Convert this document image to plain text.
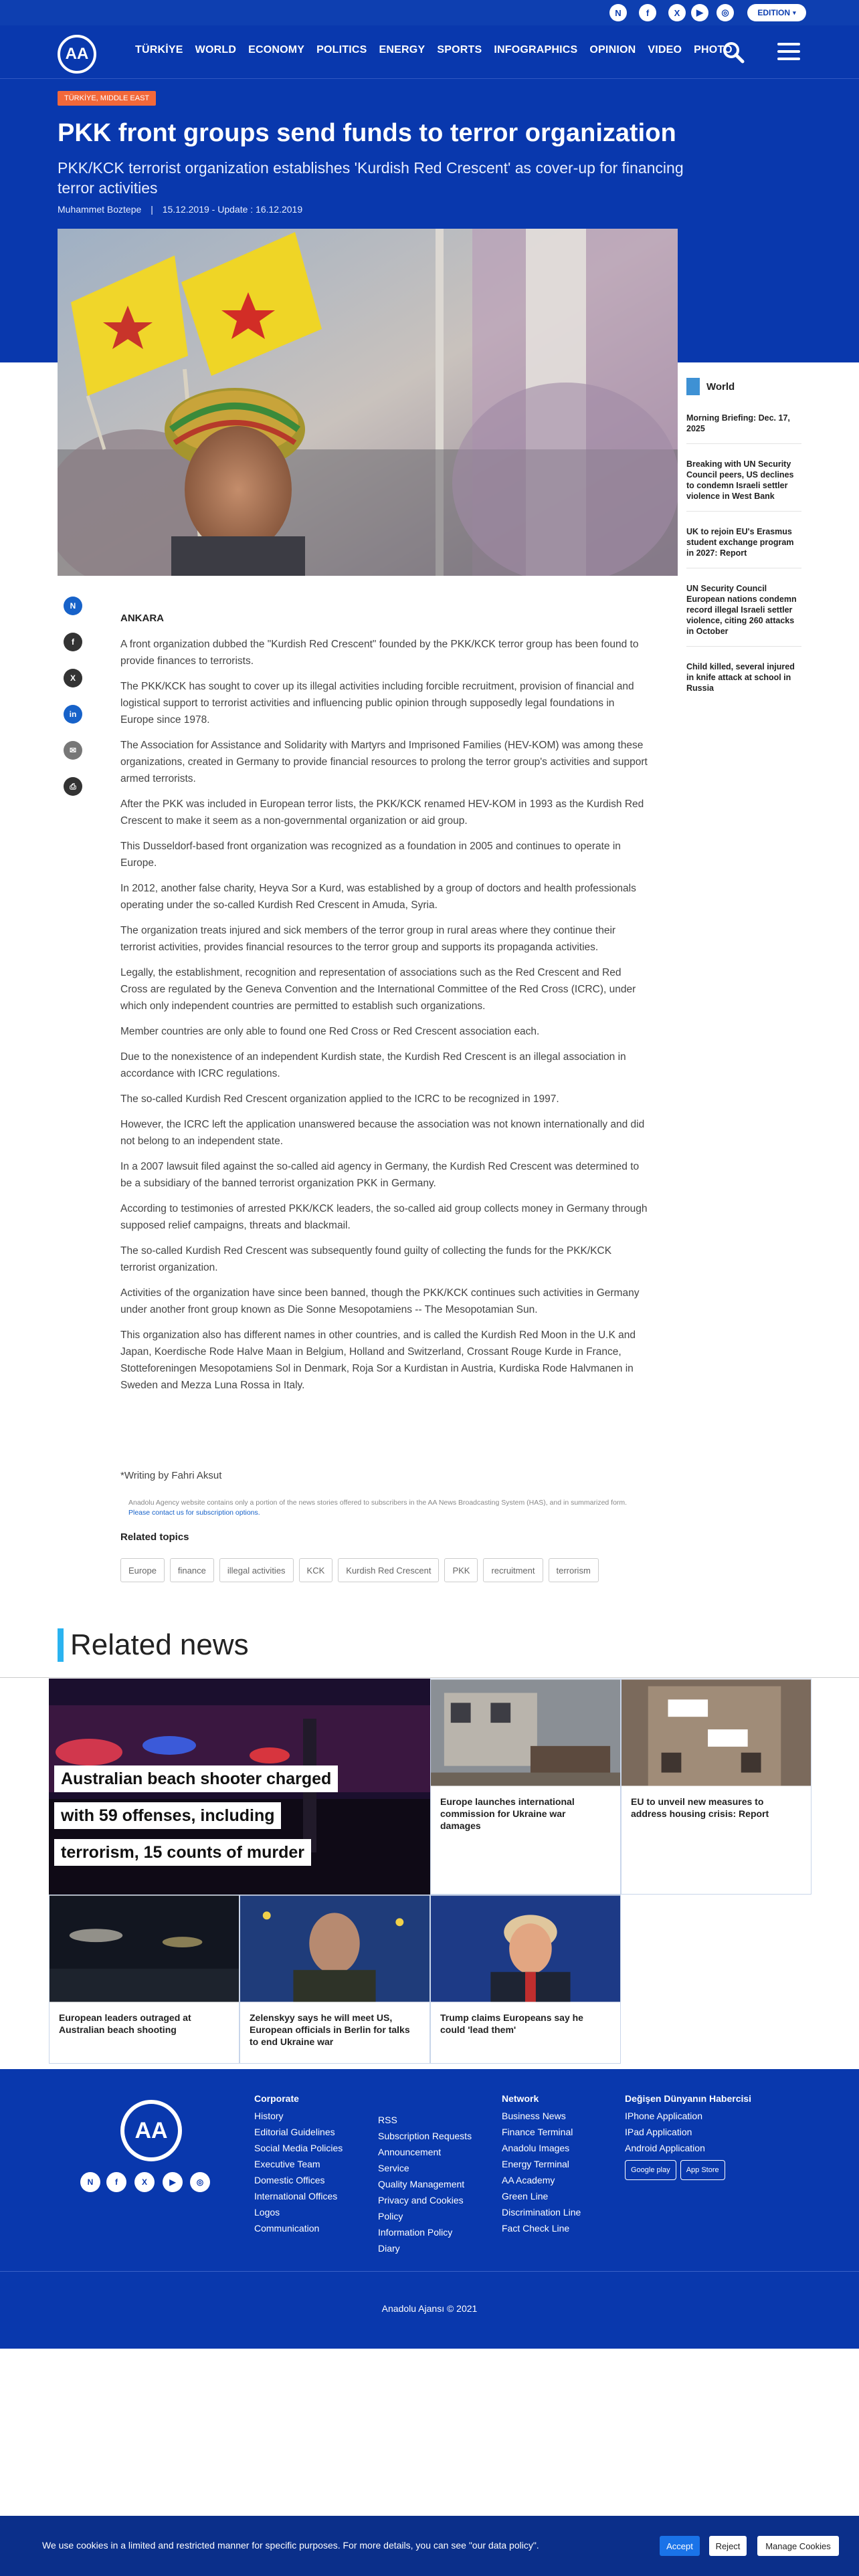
N	f	X	▶	◎	EDITION ▾
AA	TÜRKİYE	WORLD	ECONOMY	POLITICS	ENERGY	SPORTS	INFOGRAPHICS	OPINION	VIDEO	PHOTO
TÜRKİYE, MIDDLE EAST
PKK front groups send funds to terror organization
PKK/KCK terrorist organization establishes 'Kurdish Red Crescent' as cover-up for financing terror activities
Muhammet Boztepe | 15.12.2019 - Update : 16.12.2019
N
f
X
in
✉
⎙
ANKARA

A front organization dubbed the "Kurdish Red Crescent" founded by the PKK/KCK terror group has been found to provide finances to terrorists.

The PKK/KCK has sought to cover up its illegal activities including forcible recruitment, provision of financial and logistical support to terrorist activities and influencing public opinion through supposedly legal foundations in Europe since 1978.

The Association for Assistance and Solidarity with Martyrs and Imprisoned Families (HEV-KOM) was among these organizations, created in Germany to provide financial resources to prolong the terror group's activities and support armed terrorists.

After the PKK was included in European terror lists, the PKK/KCK renamed HEV-KOM in 1993 as the Kurdish Red Crescent to make it seem as a non-governmental organization or aid group.

This Dusseldorf-based front organization was recognized as a foundation in 2005 and continues to operate in Europe.

In 2012, another false charity, Heyva Sor a Kurd, was established by a group of doctors and health professionals operating under the so-called Kurdish Red Crescent in Amuda, Syria.

The organization treats injured and sick members of the terror group in rural areas where they continue their terrorist activities, provides financial resources to the terror group and supports its propaganda activities.

Legally, the establishment, recognition and representation of associations such as the Red Crescent and Red Cross are regulated by the Geneva Convention and the International Committee of the Red Cross (ICRC), under which only independent countries are permitted to establish such organizations.

Member countries are only able to found one Red Cross or Red Crescent association each.

Due to the nonexistence of an independent Kurdish state, the Kurdish Red Crescent is an illegal association in accordance with ICRC regulations.

The so-called Kurdish Red Crescent organization applied to the ICRC to be recognized in 1997.

However, the ICRC left the application unanswered because the association was not known internationally and did not belong to an independent state.

In a 2007 lawsuit filed against the so-called aid agency in Germany, the Kurdish Red Crescent was determined to be a subsidiary of the banned terrorist organization PKK in Germany.

According to testimonies of arrested PKK/KCK leaders, the so-called aid group collects money in Germany through supposed relief campaigns, threats and blackmail.

The so-called Kurdish Red Crescent was subsequently found guilty of collecting the funds for the PKK/KCK terrorist organization.

Activities of the organization have since been banned, though the PKK/KCK continues such activities in Germany under another front group known as Die Sonne Mesopotamiens -- The Mesopotamian Sun.

This organization also has different names in other countries, and is called the Kurdish Red Moon in the U.K and Japan, Koerdische Rode Halve Maan in Belgium, Holland and Switzerland, Crossant Rouge Kurde in France, Stotteforeningen Mesopotamiens Sol in Denmark, Roja Sor a Kurdistan in Austria, Kurdiska Rode Halvmanen in Sweden and Mezza Luna Rossa in Italy.

*Writing by Fahri Aksut
Anadolu Agency website contains only a portion of the news stories offered to subscribers in the AA News Broadcasting System (HAS), and in summarized form. Please contact us for subscription options.
Related topics
Europe	finance	illegal activities	KCK	Kurdish Red Crescent	PKK	recruitment	terrorism
World
Morning Briefing: Dec. 17, 2025
Breaking with UN Security Council peers, US declines to condemn Israeli settler violence in West Bank
UK to rejoin EU's Erasmus student exchange program in 2027: Report
UN Security Council European nations condemn record illegal Israeli settler violence, citing 260 attacks in October
Child killed, several injured in knife attack at school in Russia
Related news
Australian beach shooter charged
with 59 offenses, including
terrorism, 15 counts of murder
Europe launches international commission for Ukraine war damages
EU to unveil new measures to address housing crisis: Report
European leaders outraged at Australian beach shooting
Zelenskyy says he will meet US, European officials in Berlin for talks to end Ukraine war
Trump claims Europeans say he could 'lead them'
AA
N	f	X	▶	◎
Corporate
History
Editorial Guidelines
Social Media Policies
Executive Team
Domestic Offices
International Offices
Logos
Communication
RSS
Subscription Requests
Announcement
Service
Quality Management
Privacy and Cookies
Policy
Information Policy
Diary
Network
Business News
Finance Terminal
Anadolu Images
Energy Terminal
AA Academy
Green Line
Discrimination Line
Fact Check Line
Değişen Dünyanın Habercisi
IPhone Application
IPad Application
Android Application
Google play App Store
Anadolu Ajansı © 2021
We use cookies in a limited and restricted manner for specific purposes. For more details, you can see "our data policy".	Accept	Reject	Manage Cookies
